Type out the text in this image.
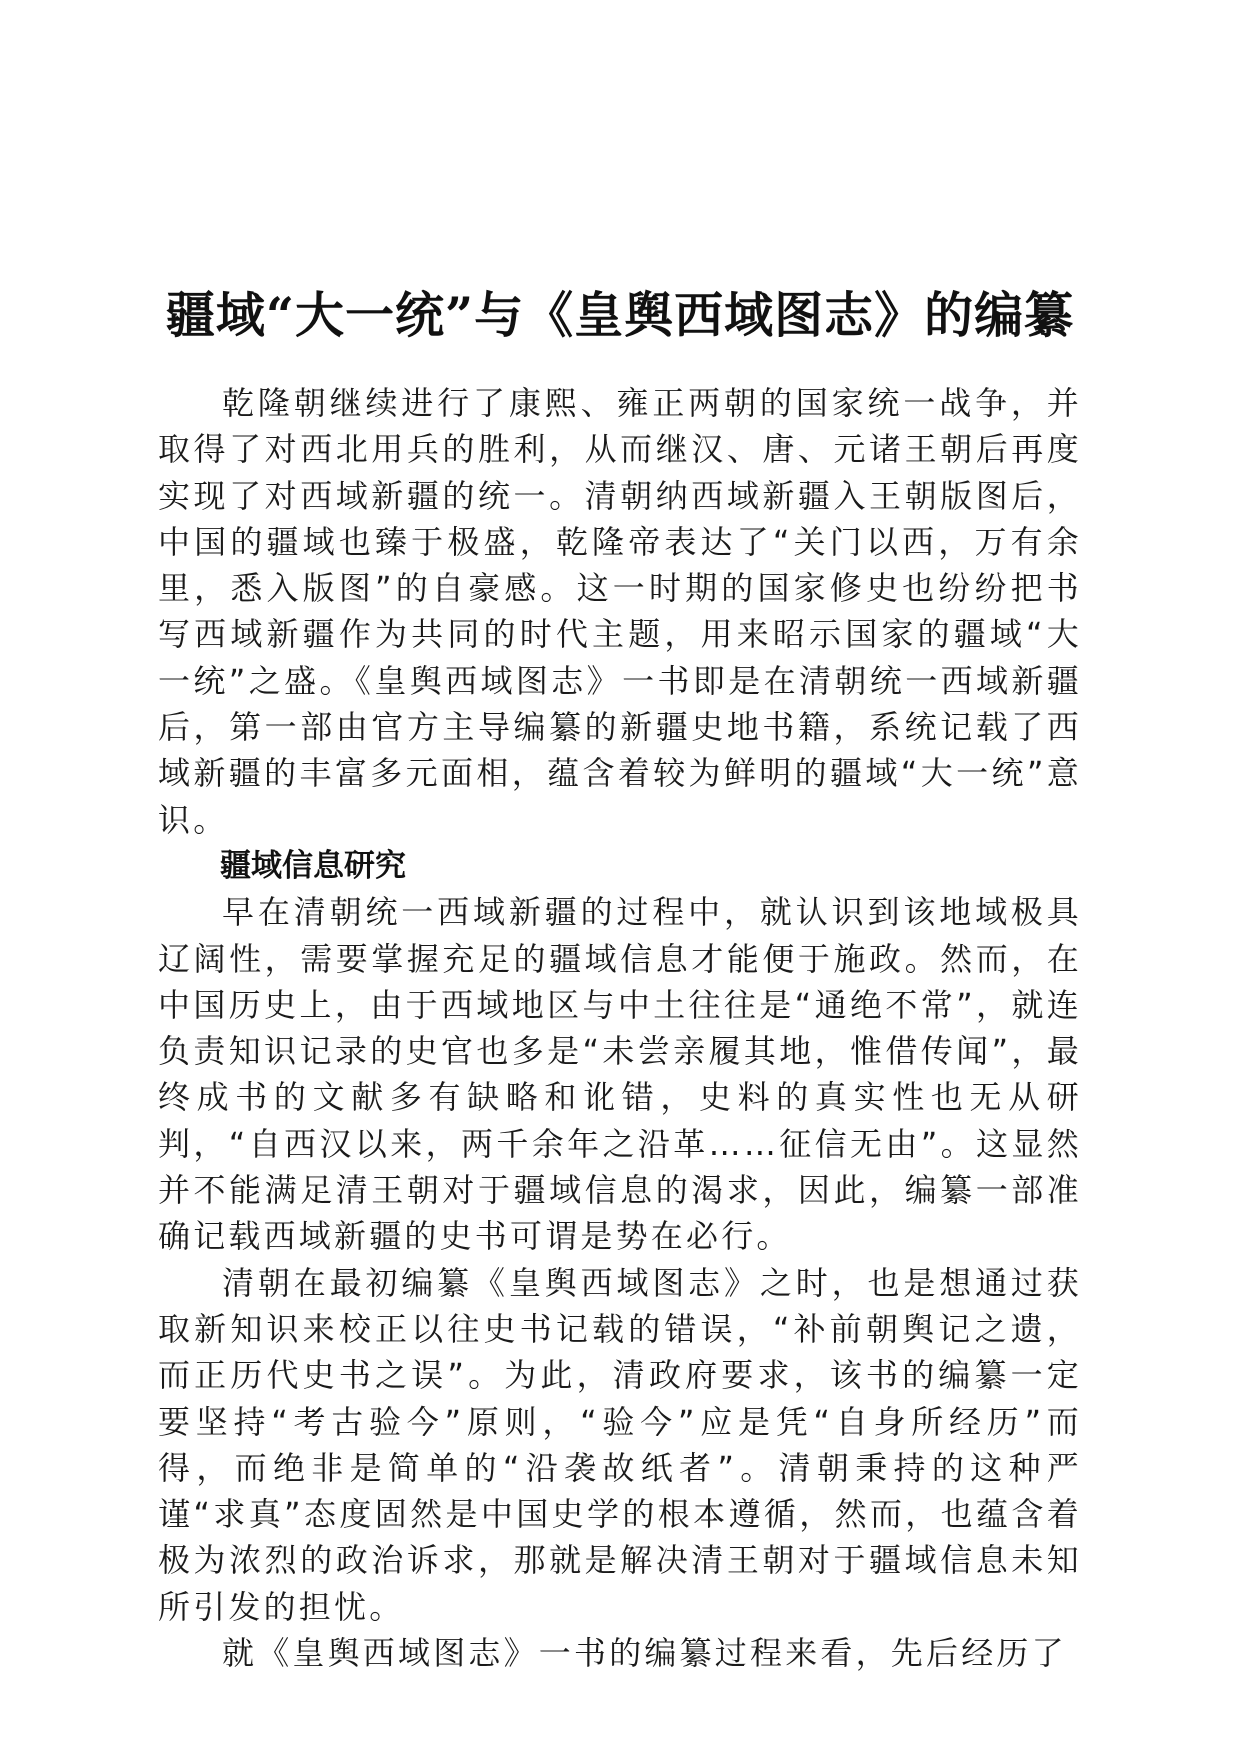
疆域“大一统”与《皇舆西域图志》的编纂

乾隆朝继续进行了康熙、雍正两朝的国家统一战争，并取得了对西北用兵的胜利，从而继汉、唐、元诸王朝后再度实现了对西域新疆的统一。清朝纳西域新疆入王朝版图后，中国的疆域也臻于极盛，乾隆帝表达了“关门以西，万有余里，悉入版图”的自豪感。这一时期的国家修史也纷纷把书写西域新疆作为共同的时代主题，用来昭示国家的疆域“大一统”之盛。《皇舆西域图志》一书即是在清朝统一西域新疆后，第一部由官方主导编纂的新疆史地书籍，系统记载了西域新疆的丰富多元面相，蕴含着较为鲜明的疆域“大一统”意识。

疆域信息研究

早在清朝统一西域新疆的过程中，就认识到该地域极具辽阔性，需要掌握充足的疆域信息才能便于施政。然而，在中国历史上，由于西域地区与中土往往是“通绝不常”，就连负责知识记录的史官也多是“未尝亲履其地，惟借传闻”，最终成书的文献多有缺略和讹错，史料的真实性也无从研判，“自西汉以来，两千余年之沿革……征信无由”。这显然并不能满足清王朝对于疆域信息的渴求，因此，编纂一部准确记载西域新疆的史书可谓是势在必行。

清朝在最初编纂《皇舆西域图志》之时，也是想通过获取新知识来校正以往史书记载的错误，“补前朝舆记之遗，而正历代史书之误”。为此，清政府要求，该书的编纂一定要坚持“考古验今”原则，“验今”应是凭“自身所经历”而得，而绝非是简单的“沿袭故纸者”。清朝秉持的这种严谨“求真”态度固然是中国史学的根本遵循，然而，也蕴含着极为浓烈的政治诉求，那就是解决清王朝对于疆域信息未知所引发的担忧。

就《皇舆西域图志》一书的编纂过程来看，先后经历了
